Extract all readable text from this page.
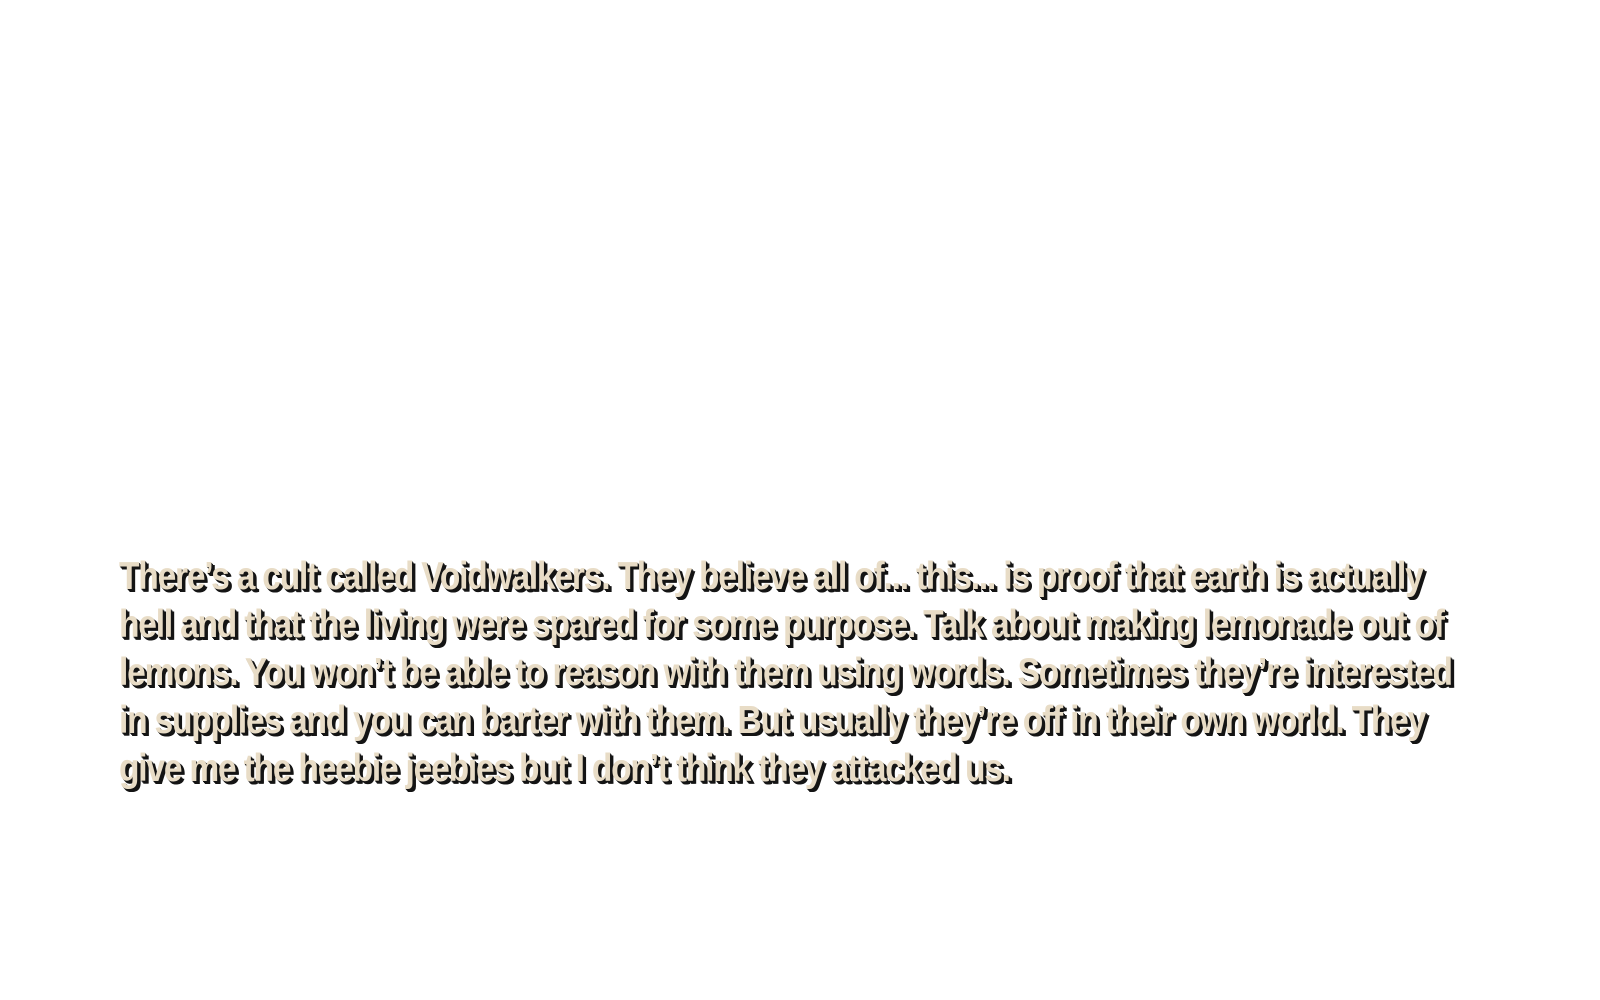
There’s a cult called Voidwalkers. They believe all of... this... is proof that earth is actually hell and that the living were spared for some purpose. Talk about making lemonade out of lemons. You won’t be able to reason with them using words. Sometimes they’re interested in supplies and you can barter with them. But usually they’re off in their own world. They give me the heebie jeebies but I don’t think they attacked us.
